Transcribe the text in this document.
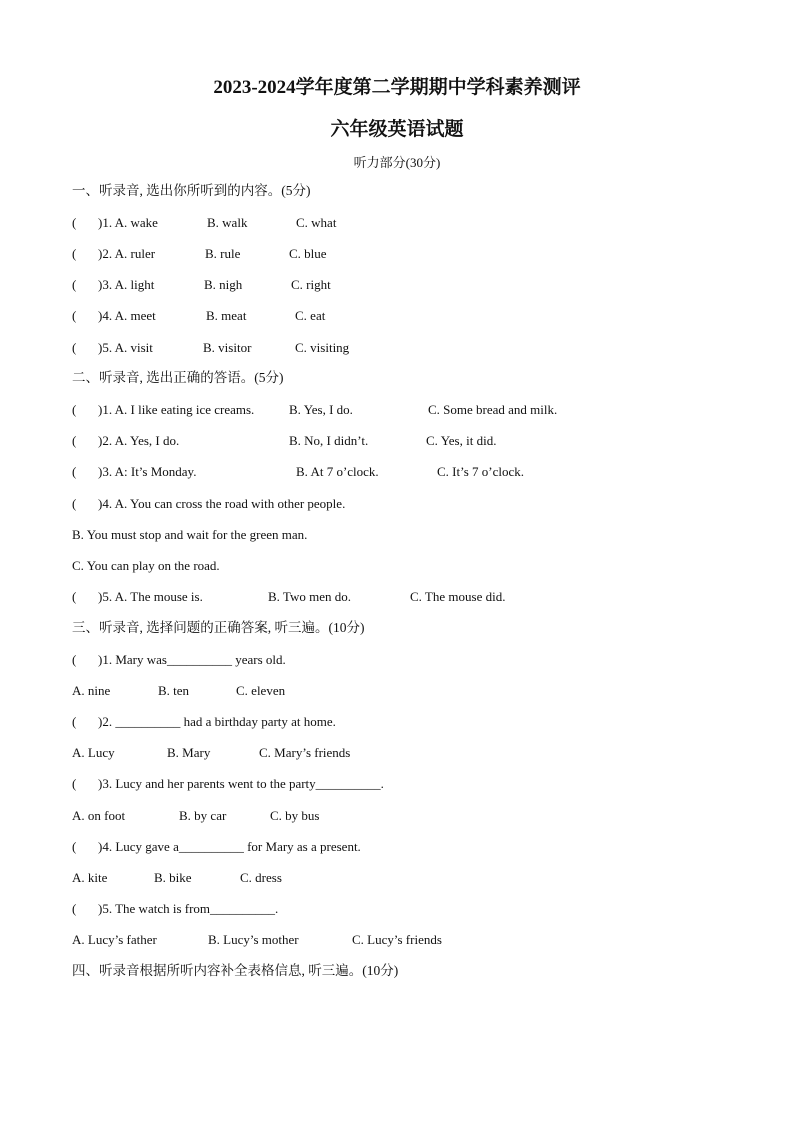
2023-2024学年度第二学期期中学科素养测评
六年级英语试题
听力部分(30分)
一、听录音, 选出你所听到的内容。(5分)
( )1. A. wake	B. walk	C. what
( )2. A. ruler	B. rule	C. blue
( )3. A. light	B. nigh	C. right
( )4. A. meet	B. meat	C. eat
( )5. A. visit	B. visitor	C. visiting
二、听录音, 选出正确的答语。(5分)
( )1. A. I like eating ice creams.	B. Yes, I do.	C. Some bread and milk.
( )2. A. Yes, I do.	B. No, I didn’t.	C. Yes, it did.
( )3. A: It’s Monday.	B. At 7 o’clock.	C. It’s 7 o’clock.
( )4. A. You can cross the road with other people.
B. You must stop and wait for the green man.
C. You can play on the road.
( )5. A. The mouse is.	B. Two men do.	C. The mouse did.
三、听录音, 选择问题的正确答案, 听三遍。(10分)
( )1. Mary was__________ years old.
A. nine	B. ten	C. eleven
( )2. __________ had a birthday party at home.
A. Lucy	B. Mary	C. Mary’s friends
( )3. Lucy and her parents went to the party__________.
A. on foot	B. by car	C. by bus
( )4. Lucy gave a__________ for Mary as a present.
A. kite	B. bike	C. dress
( )5. The watch is from__________.
A. Lucy’s father	B. Lucy’s mother	C. Lucy’s friends
四、听录音根据所听内容补全表格信息, 听三遍。(10分)
